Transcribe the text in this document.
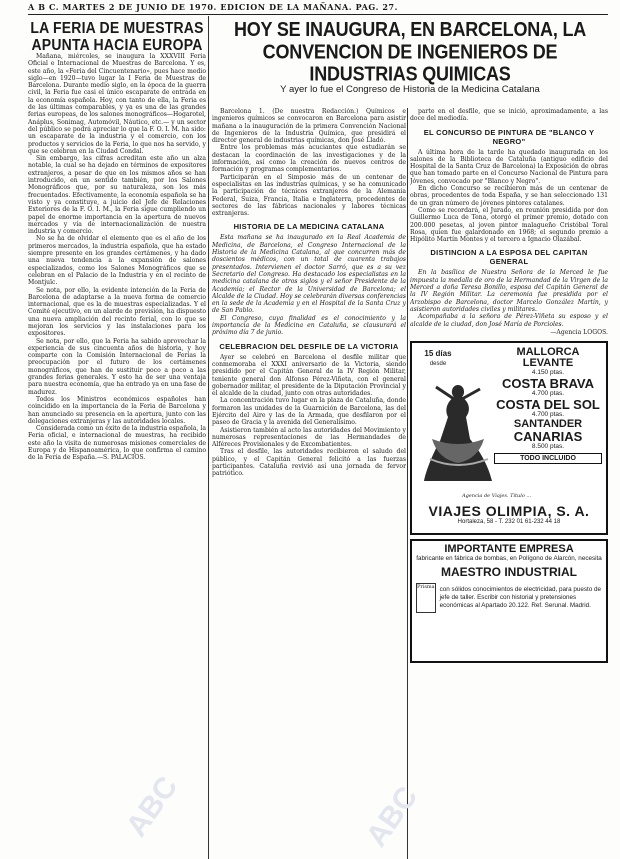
A B C. MARTES 2 DE JUNIO DE 1970. EDICION DE LA MAÑANA. PAG. 27.
LA FERIA DE MUESTRAS APUNTA HACIA EUROPA

Mañana, miércoles, se inaugura la XXXVIII Feria Oficial e Internacional de Muestras de Barcelona. Y es, este año, la «Feria del Cincuentenario», pues hace medio siglo—en 1920—tuvo lugar la I Feria de Muestras de Barcelona. Durante medio siglo, en la época de la guerra civil, la Feria fue casi el único escaparate de entrada en la economía española. Hoy, con tanto de ella, la Feria es de las últimas comparables, y ya es una de las grandes ferias europeas, de los salones monográficos—Hogarotel, Anáplus, Sonimag, Automóvil, Náutico, etc.— y un sector del público se podrá apreciar lo que la F. O. I. M. ha sido: un escaparate de la industria y el comercio, con los productos y servicios de la Feria, lo que nos ha servido, y que se celebran en la Ciudad Condal.

Sin embargo, las cifras acreditan este año un alza notable, la cual se ha dejado en términos de expositores extranjeros, a pesar de que en los mismos años se han introducido, en un sentido también, por los Salones Monográficos que, por su naturaleza, son los más frecuentados. Efectivamente, la economía española se ha visto y ya constituye, a juicio del Jefe de Relaciones Exteriores de la F. O. I. M., la Feria sigue cumpliendo un papel de enorme importancia en la apertura de nuevos mercados y vía de internacionalización de nuestra industria y comercio.

No se ha de olvidar el elemento que es el año de los primeros mercados, la industria española, que ha estado siempre presente en los grandes certámenes, y ha dado una nueva tendencia a la expansión de salones especializados, como los Salones Monográficos que se celebran en el Palacio de la Industria y en el recinto de Montjuïc.

Se nota, por ello, la evidente intención de la Feria de Barcelona de adaptarse a la nueva forma de comercio internacional, que es la de muestras especializadas. Y el Comité ejecutivo, en un alarde de previsión, ha dispuesto una nueva ampliación del recinto ferial, con lo que se mejoran los servicios y las instalaciones para los expositores.

Se nota, por ello, que la Feria ha sabido aprovechar la experiencia de sus cincuenta años de historia, y hoy comparte con la Comisión Internacional de Ferias la preocupación por el futuro de los certámenes monográficos, que han de sustituir poco a poco a las grandes ferias generales. Y esto ha de ser una ventaja para nuestra economía, que ha entrado ya en una fase de madurez.

Todos los Ministros económicos españoles han coincidido en la importancia de la Feria de Barcelona y han anunciado su presencia en la apertura, junto con las delegaciones extranjeras y las autoridades locales.

Considerada como un éxito de la industria española, la Feria oficial, e internacional de muestras, ha recibido este año la visita de numerosas misiones comerciales de Europa y de Hispanoamérica, lo que confirma el camino de la Feria de España.—S. PALACIOS.

HOY SE INAUGURA, EN BARCELONA, LA CONVENCION DE INGENIEROS DE INDUSTRIAS QUIMICAS
Y ayer lo fue el Congreso de Historia de la Medicina Catalana

Barcelona 1. (De nuestra Redacción.) Químicos e ingenieros químicos se convocaron en Barcelona para asistir mañana a la inauguración de la primera Convención Nacional de Ingenieros de la Industria Química, que presidirá el director general de industrias químicas, don José Lladó.

Entre los problemas más acuciantes que estudiarán se destacan la coordinación de las investigaciones y de la información, así como la creación de nuevos centros de formación y programas complementarios.

Participarán en el Simposio más de un centenar de especialistas en las industrias químicas, y se ha comunicado la participación de técnicos extranjeros de la Alemania Federal, Suiza, Francia, Italia e Inglaterra, procedentes de sectores de las fábricas nacionales y labores técnicas extranjeras.

HISTORIA DE LA MEDICINA CATALANA

Esta mañana se ha inaugurado en la Real Academia de Medicina, de Barcelona, el Congreso Internacional de la Historia de la Medicina Catalana, al que concurren más de doscientos médicos, con un total de cuarenta trabajos presentados. Intervienen el doctor Sarró, que es a su vez Secretario del Congreso. Ha destacado los especialistas en la medicina catalana de otros siglos y el señor Presidente de la Academia; el Rector de la Universidad de Barcelona; el Alcalde de la Ciudad. Hoy se celebrarán diversas conferencias en la sede de la Academia y en el Hospital de la Santa Cruz y de San Pablo.

El Congreso, cuya finalidad es el conocimiento y la importancia de la Medicina en Cataluña, se clausurará el próximo día 7 de junio.

CELEBRACION DEL DESFILE DE LA VICTORIA

Ayer se celebró en Barcelona el desfile militar que conmemoraba el XXXI aniversario de la Victoria, siendo presidido por el Capitán General de la IV Región Militar, teniente general don Alfonso Pérez-Viñeta, con el general gobernador militar, el presidente de la Diputación Provincial y el alcalde de la ciudad, junto con otras autoridades.

La concentración tuvo lugar en la plaza de Cataluña, donde formaron las unidades de la Guarnición de Barcelona, las del Ejército del Aire y las de la Armada, que desfilaron por el paseo de Gracia y la avenida del Generalísimo.

Asistieron también al acto las autoridades del Movimiento y numerosas representaciones de las Hermandades de Alféreces Provisionales y de Excombatientes.

Tras el desfile, las autoridades recibieron el saludo del público, y el Capitán General felicitó a las fuerzas participantes. Cataluña revivió así una jornada de fervor patriótico.

parte en el desfile, que se inició, aproximadamente, a las doce del mediodía.

EL CONCURSO DE PINTURA DE "BLANCO Y NEGRO"

A última hora de la tarde ha quedado inaugurada en los salones de la Biblioteca de Cataluña (antiguo edificio del Hospital de la Santa Cruz de Barcelona) la Exposición de obras que han tomado parte en el Concurso Nacional de Pintura para Jóvenes, convocado por "Blanco y Negro".

En dicho Concurso se recibieron más de un centenar de obras, procedentes de toda España, y se han seleccionado 131 de un gran número de jóvenes pintores catalanes.

Como se recordará, el Jurado, en reunión presidida por don Guillermo Luca de Tena, otorgó el primer premio, dotado con 200.000 pesetas, al joven pintor malagueño Cristóbal Toral Rosa, quien fue galardonado en 1968; el segundo premio a Hipólito Martín Montes y el tercero a Ignacio Olazábal.

DISTINCION A LA ESPOSA DEL CAPITAN GENERAL

En la basílica de Nuestra Señora de la Merced le fue impuesta la medalla de oro de la Hermandad de la Virgen de la Merced a doña Teresa Bonillo, esposa del Capitán General de la IV Región Militar. La ceremonia fue presidida por el Arzobispo de Barcelona, doctor Marcelo González Martín, y asistieron autoridades civiles y militares.

Acompañaba a la señora de Pérez-Viñeta su esposo y el alcalde de la ciudad, don José María de Porcioles.

—Agencia LOGOS.
15 días
desde
MALLORCA
LEVANTE
4.150 ptas.
COSTA BRAVA
4.700 ptas.
COSTA DEL SOL
4.700 ptas.
SANTANDER
CANARIAS
8.500 ptas.
TODO INCLUIDO
Agencia de Viajes. Título ...
VIAJES OLIMPIA, S. A.
Hortaleza, 58 - T. 232 01 61-232 44 18
IMPORTANTE EMPRESA
fabricante en fábrica de bombas, en Polígono de Alarcón, necesita
MAESTRO INDUSTRIAL
Prisma con sólidos conocimientos de electricidad, para puesto de jefe de taller. Escribir con historial y pretensiones económicas al Apartado 20.122. Ref. Serunal. Madrid.
ABC
ABC
